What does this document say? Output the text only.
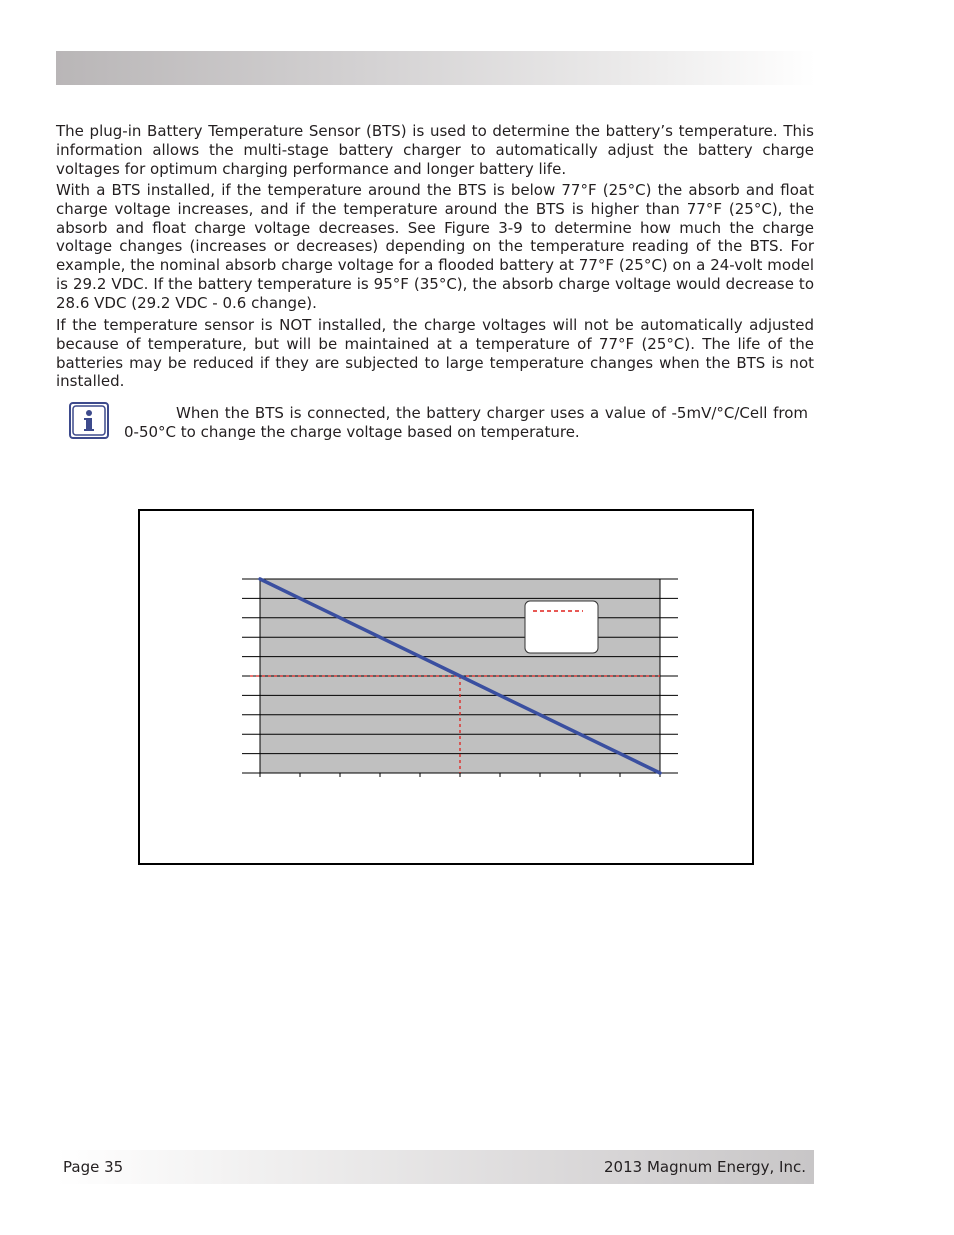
The plug-in Battery Temperature Sensor (BTS) is used to determine the battery’s temperature. This information allows the multi-stage battery charger to automatically adjust the battery charge voltages for optimum charging performance and longer battery life.

With a BTS installed, if the temperature around the BTS is below 77°F (25°C) the absorb and float charge voltage increases, and if the temperature around the BTS is higher than 77°F (25°C), the absorb and float charge voltage decreases. See Figure 3-9 to determine how much the charge voltage changes (increases or decreases) depending on the temperature reading of the BTS. For example, the nominal absorb charge voltage for a flooded battery at 77°F (25°C) on a 24-volt model is 29.2 VDC. If the battery temperature is 95°F (35°C), the absorb charge voltage would decrease to 28.6 VDC (29.2 VDC - 0.6 change).

If the temperature sensor is NOT installed, the charge voltages will not be automatically adjusted because of temperature, but will be maintained at a temperature of 77°F (25°C). The life of the batteries may be reduced if they are subjected to large temperature changes when the BTS is not installed.

When the BTS is connected, the battery charger uses a value of -5mV/°C/Cell from 0-50°C to change the charge voltage based on temperature.

Page 35	2013 Magnum Energy, Inc.
